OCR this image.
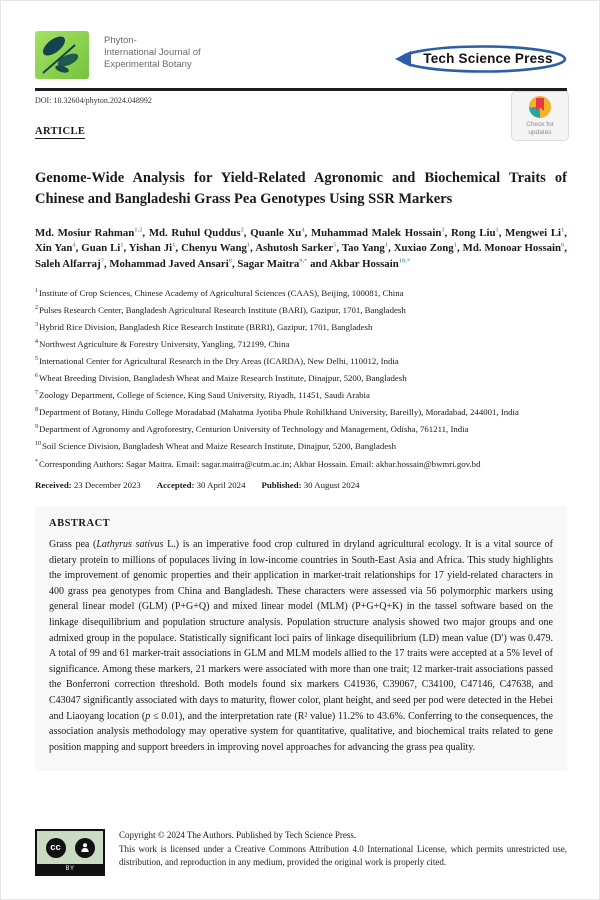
Phyton-
International Journal of
Experimental Botany	Tech Science Press
DOI: 10.32604/phyton.2024.048992
ARTICLE
Genome-Wide Analysis for Yield-Related Agronomic and Biochemical Traits of Chinese and Bangladeshi Grass Pea Genotypes Using SSR Markers
Md. Mosiur Rahman$^{1,2}$, Md. Ruhul Quddus$^2$, Quanle Xu$^4$, Muhammad Malek Hossain$^3$, Rong Liu$^1$, Mengwei Li$^1$, Xin Yan$^4$, Guan Li$^1$, Yishan Ji$^1$, Chenyu Wang$^1$, Ashutosh Sarker$^5$, Tao Yang$^1$, Xuxiao Zong$^1$, Md. Monoar Hossain$^6$, Saleh Alfarraj$^7$, Mohammad Javed Ansari$^8$, Sagar Maitra$^{9,*}$ and Akbar Hossain$^{10,*}$
$^1$Institute of Crop Sciences, Chinese Academy of Agricultural Sciences (CAAS), Beijing, 100081, China
$^2$Pulses Research Center, Bangladesh Agricultural Research Institute (BARI), Gazipur, 1701, Bangladesh
$^3$Hybrid Rice Division, Bangladesh Rice Research Institute (BRRI), Gazipur, 1701, Bangladesh
$^4$Northwest Agriculture & Forestry University, Yangling, 712199, China
$^5$International Center for Agricultural Research in the Dry Areas (ICARDA), New Delhi, 110012, India
$^6$Wheat Breeding Division, Bangladesh Wheat and Maize Research Institute, Dinajpur, 5200, Bangladesh
$^7$Zoology Department, College of Science, King Saud University, Riyadh, 11451, Saudi Arabia
$^8$Department of Botany, Hindu College Moradabad (Mahatma Jyotiba Phule Rohilkhand University, Bareilly), Moradabad, 244001, India
$^9$Department of Agronomy and Agroforestry, Centurion University of Technology and Management, Odisha, 761211, India
$^{10}$Soil Science Division, Bangladesh Wheat and Maize Research Institute, Dinajpur, 5200, Bangladesh
*Corresponding Authors: Sagar Maitra. Email: sagar.maitra@cutm.ac.in; Akbar Hossain. Email: akbar.hossain@bwmri.gov.bd
Received: 23 December 2023 Accepted: 30 April 2024 Published: 30 August 2024
ABSTRACT
Grass pea (Lathyrus sativus L.) is an imperative food crop cultured in dryland agricultural ecology. It is a vital source of dietary protein to millions of populaces living in low-income countries in South-East Asia and Africa. This study highlights the improvement of genomic properties and their application in marker-trait relationships for 17 yield-related characters in 400 grass pea genotypes from China and Bangladesh. These characters were assessed via 56 polymorphic markers using general linear model (GLM) (P+G+Q) and mixed linear model (MLM) (P+G+Q+K) in the tassel software based on the linkage disequilibrium and population structure analysis. Population structure analysis showed two major groups and one admixed group in the populace. Statistically significant loci pairs of linkage disequilibrium (LD) mean value (D′) was 0.479. A total of 99 and 61 marker-trait associations in GLM and MLM models allied to the 17 traits were accepted at a 5% level of significance. Among these markers, 21 markers were associated with more than one trait; 12 marker-trait associations passed the Bonferroni correction threshold. Both models found six markers C41936, C39067, C34100, C47146, C47638, and C43047 significantly associated with days to maturity, flower color, plant height, and seed per pod were detected in the Hebei and Liaoyang location (p ≤ 0.01), and the interpretation rate (R² value) 11.2% to 43.6%. Conferring to the consequences, the association analysis methodology may operative system for quantitative, qualitative, and biochemical traits related to gene position mapping and support breeders in improving novel approaches for advancing the grass pea quality.
Check for
updates
cc
BY
Copyright © 2024 The Authors. Published by Tech Science Press.
This work is licensed under a Creative Commons Attribution 4.0 International License, which permits unrestricted use, distribution, and reproduction in any medium, provided the original work is properly cited.
